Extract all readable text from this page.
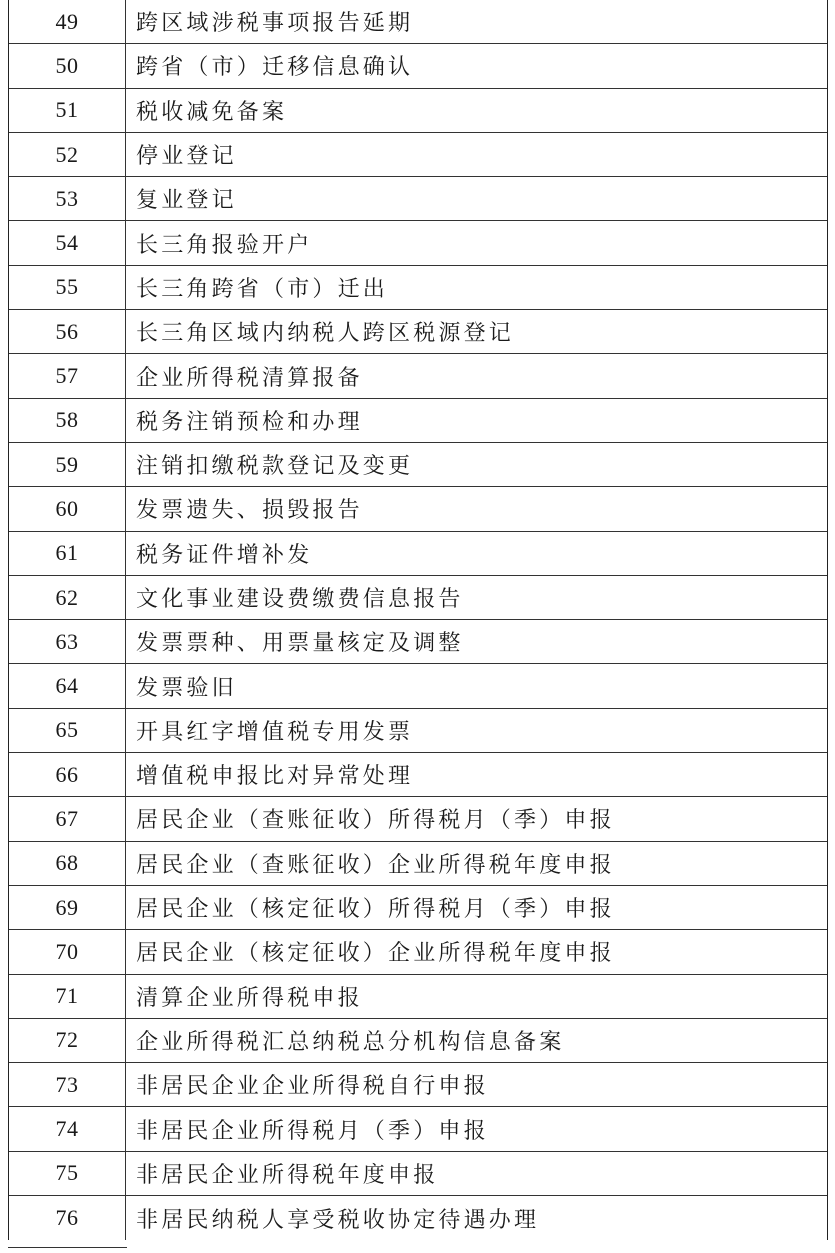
49	跨区域涉税事项报告延期
50	跨省（市）迁移信息确认
51	税收减免备案
52	停业登记
53	复业登记
54	长三角报验开户
55	长三角跨省（市）迁出
56	长三角区域内纳税人跨区税源登记
57	企业所得税清算报备
58	税务注销预检和办理
59	注销扣缴税款登记及变更
60	发票遗失、损毁报告
61	税务证件增补发
62	文化事业建设费缴费信息报告
63	发票票种、用票量核定及调整
64	发票验旧
65	开具红字增值税专用发票
66	增值税申报比对异常处理
67	居民企业（查账征收）所得税月（季）申报
68	居民企业（查账征收）企业所得税年度申报
69	居民企业（核定征收）所得税月（季）申报
70	居民企业（核定征收）企业所得税年度申报
71	清算企业所得税申报
72	企业所得税汇总纳税总分机构信息备案
73	非居民企业企业所得税自行申报
74	非居民企业所得税月（季）申报
75	非居民企业所得税年度申报
76	非居民纳税人享受税收协定待遇办理
